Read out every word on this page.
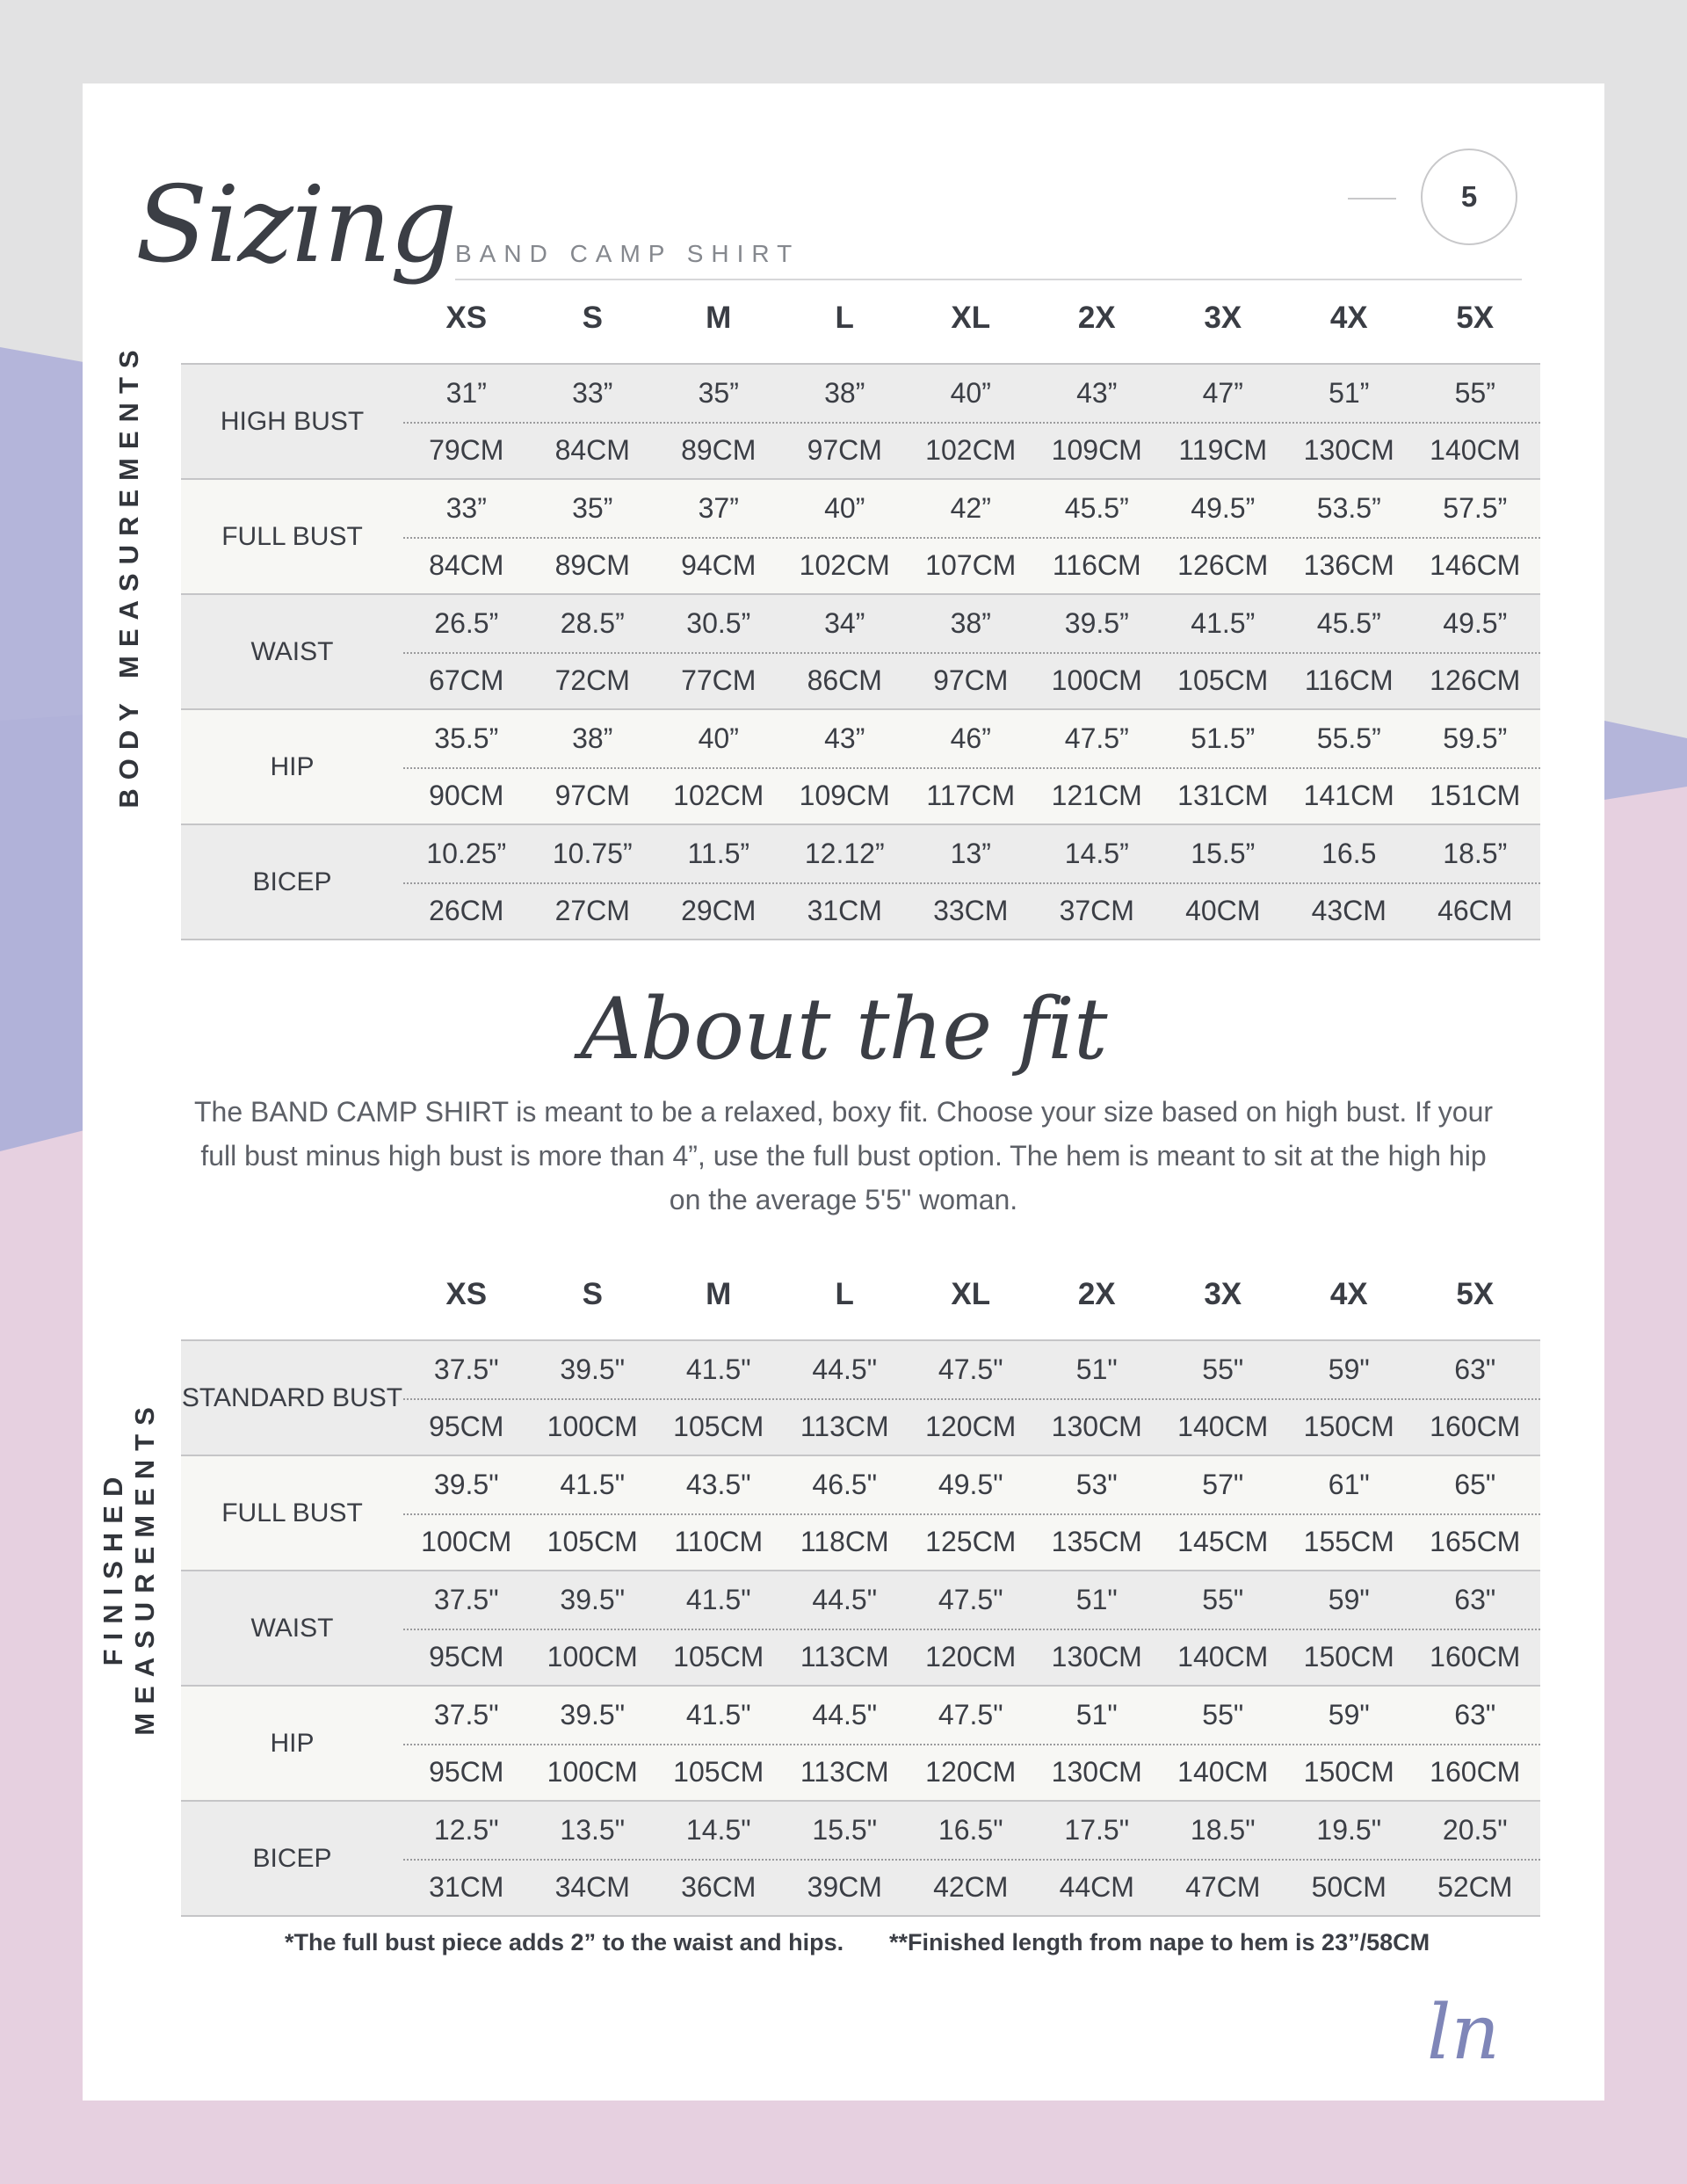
Sizing BAND CAMP SHIRT
5
XS	S	M	L	XL	2X	3X	4X	5X
BODY MEASUREMENTS	HIGH BUST
31”	33”	35”	38”	40”	43”	47”	51”	55”
79CM	84CM	89CM	97CM	102CM	109CM	119CM	130CM	140CM
FULL BUST
33”	35”	37”	40”	42”	45.5”	49.5”	53.5”	57.5”
84CM	89CM	94CM	102CM	107CM	116CM	126CM	136CM	146CM
WAIST
26.5”	28.5”	30.5”	34”	38”	39.5”	41.5”	45.5”	49.5”
67CM	72CM	77CM	86CM	97CM	100CM	105CM	116CM	126CM
HIP
35.5”	38”	40”	43”	46”	47.5”	51.5”	55.5”	59.5”
90CM	97CM	102CM	109CM	117CM	121CM	131CM	141CM	151CM
BICEP
10.25”	10.75”	11.5”	12.12”	13”	14.5”	15.5”	16.5	18.5”
26CM	27CM	29CM	31CM	33CM	37CM	40CM	43CM	46CM
About the fit
The BAND CAMP SHIRT is meant to be a relaxed, boxy fit. Choose your size based on high bust. If your full bust minus high bust is more than 4”, use the full bust option. The hem is meant to sit at the high hip on the average 5'5" woman.
XS	S	M	L	XL	2X	3X	4X	5X
FINISHED MEASUREMENTS
STANDARD BUST
37.5"	39.5"	41.5"	44.5"	47.5"	51"	55"	59"	63"
95CM	100CM	105CM	113CM	120CM	130CM	140CM	150CM	160CM
FULL BUST
39.5"	41.5"	43.5"	46.5"	49.5"	53"	57"	61"	65"
100CM	105CM	110CM	118CM	125CM	135CM	145CM	155CM	165CM
WAIST
37.5"	39.5"	41.5"	44.5"	47.5"	51"	55"	59"	63"
95CM	100CM	105CM	113CM	120CM	130CM	140CM	150CM	160CM
HIP
37.5"	39.5"	41.5"	44.5"	47.5"	51"	55"	59"	63"
95CM	100CM	105CM	113CM	120CM	130CM	140CM	150CM	160CM
BICEP
12.5"	13.5"	14.5"	15.5"	16.5"	17.5"	18.5"	19.5"	20.5"
31CM	34CM	36CM	39CM	42CM	44CM	47CM	50CM	52CM
*The full bust piece adds 2” to the waist and hips. **Finished length from nape to hem is 23”/58CM
ln
